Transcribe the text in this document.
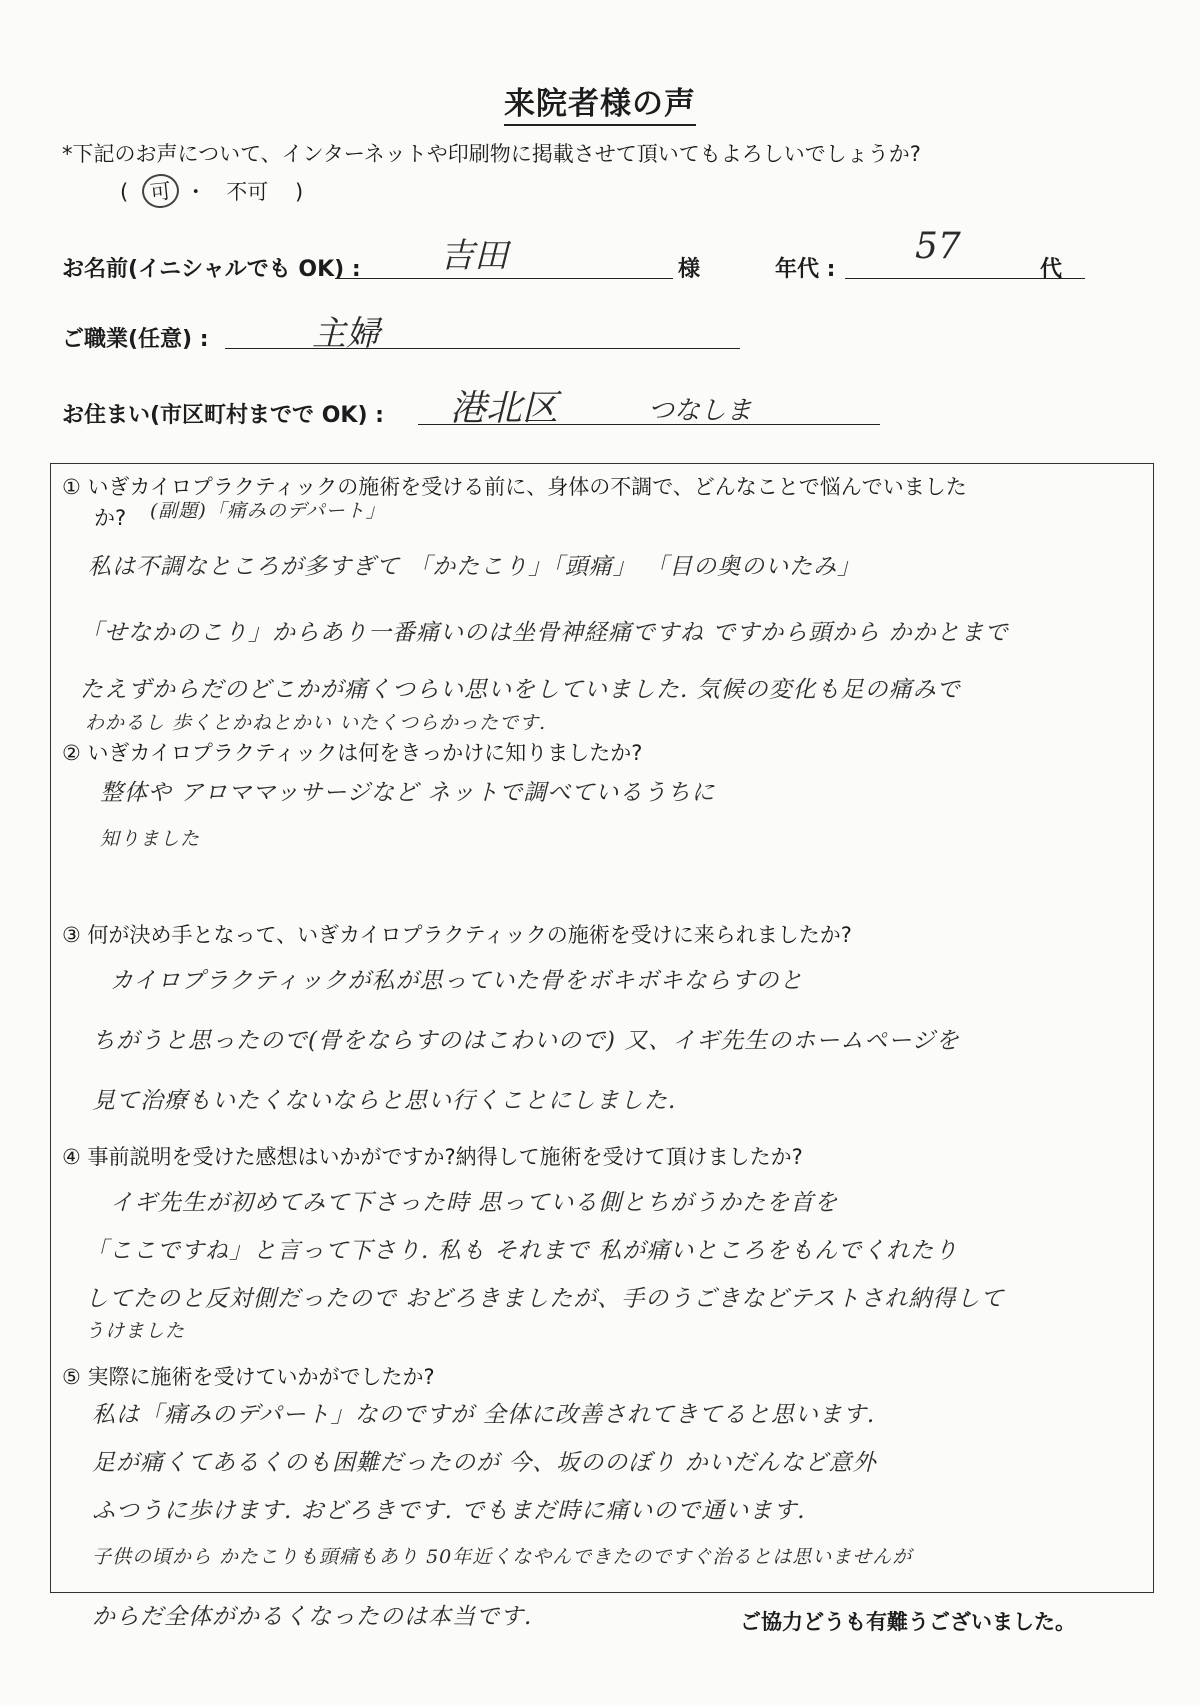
来院者様の声
*下記のお声について、インターネットや印刷物に掲載させて頂いてもよろしいでしょうか?
( 可 ・ 不可 )
お名前(イニシャルでも OK) : 吉田	様	年代 :
57
代
ご職業(任意) :	主婦
お住まい(市区町村までで OK) : 港北区	つなしま
① いぎカイロプラクティックの施術を受ける前に、身体の不調で、どんなことで悩んでいました
か? (副題)「痛みのデパート」
私は不調なところが多すぎて 「かたこり」「頭痛」 「目の奥のいたみ」
「せなかのこり」からあり一番痛いのは坐骨神経痛ですね ですから頭から かかとまで
たえずからだのどこかが痛くつらい思いをしていました. 気候の変化も足の痛みで
わかるし 歩くとかねとかい いたくつらかったです.
② いぎカイロプラクティックは何をきっかけに知りましたか?
整体や アロママッサージなど ネットで調べているうちに
知りました
③ 何が決め手となって、いぎカイロプラクティックの施術を受けに来られましたか?
カイロプラクティックが私が思っていた骨をボキボキならすのと
ちがうと思ったので(骨をならすのはこわいので) 又、イギ先生のホームページを
見て治療もいたくないならと思い行くことにしました.
④ 事前説明を受けた感想はいかがですか?納得して施術を受けて頂けましたか?
イギ先生が初めてみて下さった時 思っている側とちがうかたを首を
「ここですね」と言って下さり. 私も それまで 私が痛いところをもんでくれたり
してたのと反対側だったので おどろきましたが、手のうごきなどテストされ納得して
うけました
⑤ 実際に施術を受けていかがでしたか?
私は「痛みのデパート」なのですが 全体に改善されてきてると思います.
足が痛くてあるくのも困難だったのが 今、坂ののぼり かいだんなど意外
ふつうに歩けます. おどろきです. でもまだ時に痛いので通います.
子供の頃から かたこりも頭痛もあり 50年近くなやんできたのですぐ治るとは思いませんが
からだ全体がかるくなったのは本当です.	ご協力どうも有難うございました。
